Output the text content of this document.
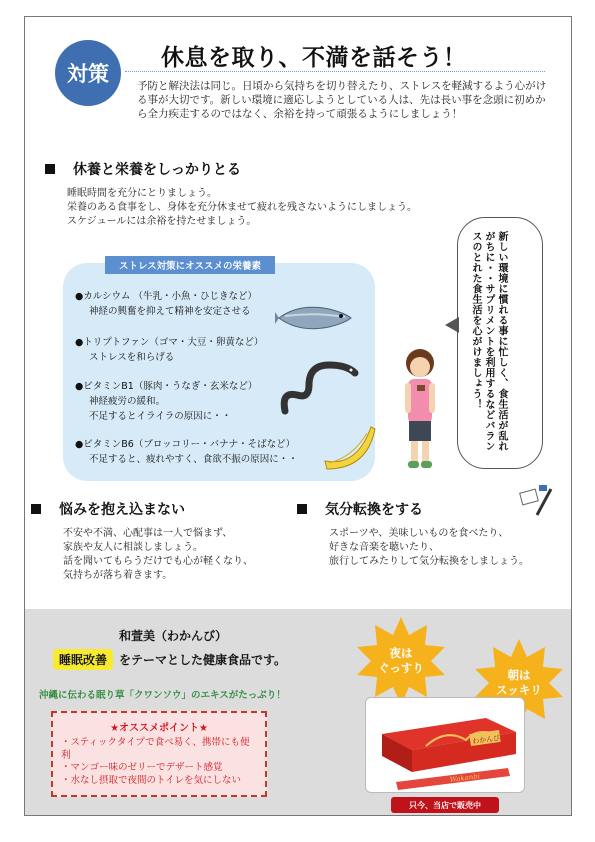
対策
休息を取り、不満を話そう！
予防と解決法は同じ。日頃から気持ちを切り替えたり、ストレスを軽減するよう心がける事が大切です。新しい環境に適応しようとしている人は、先は長い事を念頭に初めから全力疾走するのではなく、余裕を持って頑張るようにしましょう！
休養と栄養をしっかりとる
睡眠時間を充分にとりましょう。
栄養のある食事をし、身体を充分休ませて疲れを残さないようにしましょう。
スケジュールには余裕を持たせましょう。
ストレス対策にオススメの栄養素
●カルシウム （牛乳・小魚・ひじきなど）
神経の興奮を抑えて精神を安定させる
●トリプトファン（ゴマ・大豆・卵黄など）
ストレスを和らげる
●ビタミンB1（豚肉・うなぎ・玄米など）
神経疲労の緩和。
不足するとイライラの原因に・・
●ビタミンB6（ブロッコリー・バナナ・そばなど）
不足すると、疲れやすく、食欲不振の原因に・・
新しい環境に慣れる事に忙しく、食生活が乱れがちに・・サプリメントを利用するなどバランスのとれた食生活を心がけましょう！
悩みを抱え込まない
不安や不満、心配事は一人で悩まず、
家族や友人に相談しましょう。
話を聞いてもらうだけでも心が軽くなり、
気持ちが落ち着きます。
気分転換をする
スポーツや、美味しいものを食べたり、
好きな音楽を聴いたり、
旅行してみたりして気分転換をしましょう。
和萱美（わかんび）
睡眠改善	をテーマとした健康食品です。
沖縄に伝わる眠り草「クワンソウ」のエキスがたっぷり！
★オススメポイント★
・スティックタイプで食べ易く、携帯にも便
利
・マンゴー味のゼリーでデザート感覚
・水なし摂取で夜間のトイレを気にしない
夜は
ぐっすり	朝は
スッキリ
わかんび
Wakanbi
只今、当店で販売中
